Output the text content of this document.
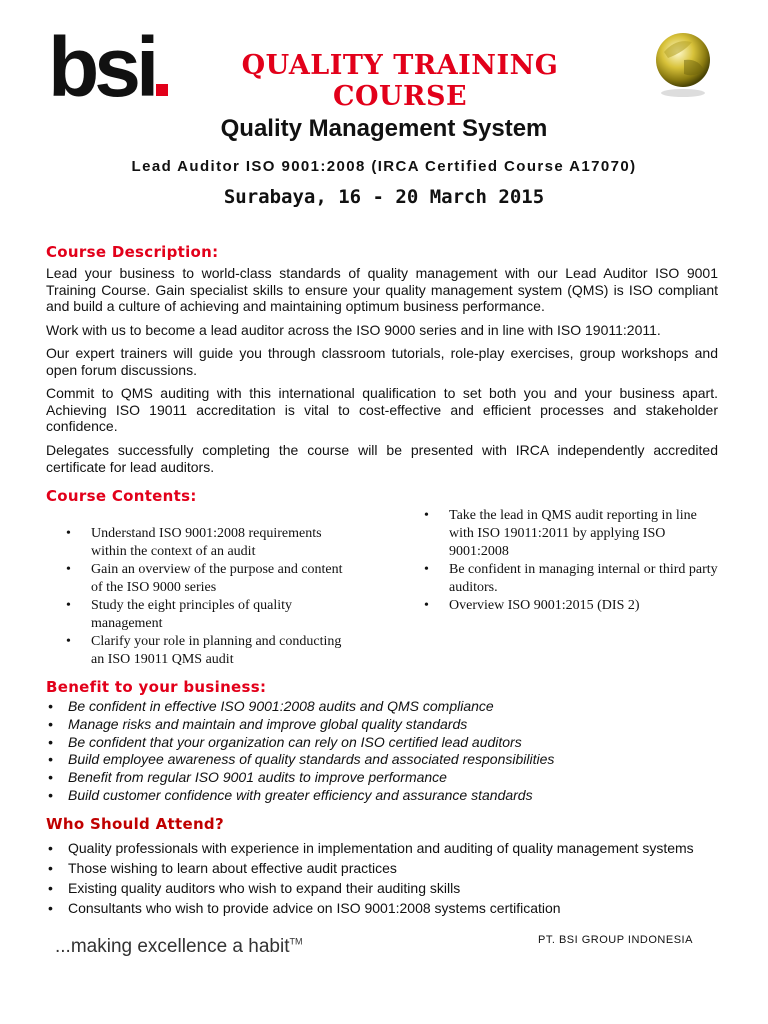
bsi	QUALITY TRAINING COURSE
Quality Management System
Lead Auditor ISO 9001:2008 (IRCA Certified Course A17070)
Surabaya, 16 - 20 March 2015
Course Description:
Lead your business to world-class standards of quality management with our Lead Auditor ISO 9001 Training Course. Gain specialist skills to ensure your quality management system (QMS) is ISO compliant and build a culture of achieving and maintaining optimum business performance.
Work with us to become a lead auditor across the ISO 9000 series and in line with ISO 19011:2011.
Our expert trainers will guide you through classroom tutorials, role-play exercises, group workshops and open forum discussions.
Commit to QMS auditing with this international qualification to set both you and your business apart. Achieving ISO 19011 accreditation is vital to cost-effective and efficient processes and stakeholder confidence.
Delegates successfully completing the course will be presented with IRCA independently accredited certificate for lead auditors.
Course Contents:
• Understand ISO 9001:2008 requirements within the context of an audit
• Gain an overview of the purpose and content of the ISO 9000 series
• Study the eight principles of quality management
• Clarify your role in planning and conducting an ISO 19011 QMS audit
• Take the lead in QMS audit reporting in line with ISO 19011:2011 by applying ISO 9001:2008
• Be confident in managing internal or third party auditors.
• Overview ISO 9001:2015 (DIS 2)
Benefit to your business:
• Be confident in effective ISO 9001:2008 audits and QMS compliance
• Manage risks and maintain and improve global quality standards
• Be confident that your organization can rely on ISO certified lead auditors
• Build employee awareness of quality standards and associated responsibilities
• Benefit from regular ISO 9001 audits to improve performance
• Build customer confidence with greater efficiency and assurance standards
Who Should Attend?
• Quality professionals with experience in implementation and auditing of quality management systems
• Those wishing to learn about effective audit practices
• Existing quality auditors who wish to expand their auditing skills
• Consultants who wish to provide advice on ISO 9001:2008 systems certification
...making excellence a habit™	PT. BSI GROUP INDONESIA
